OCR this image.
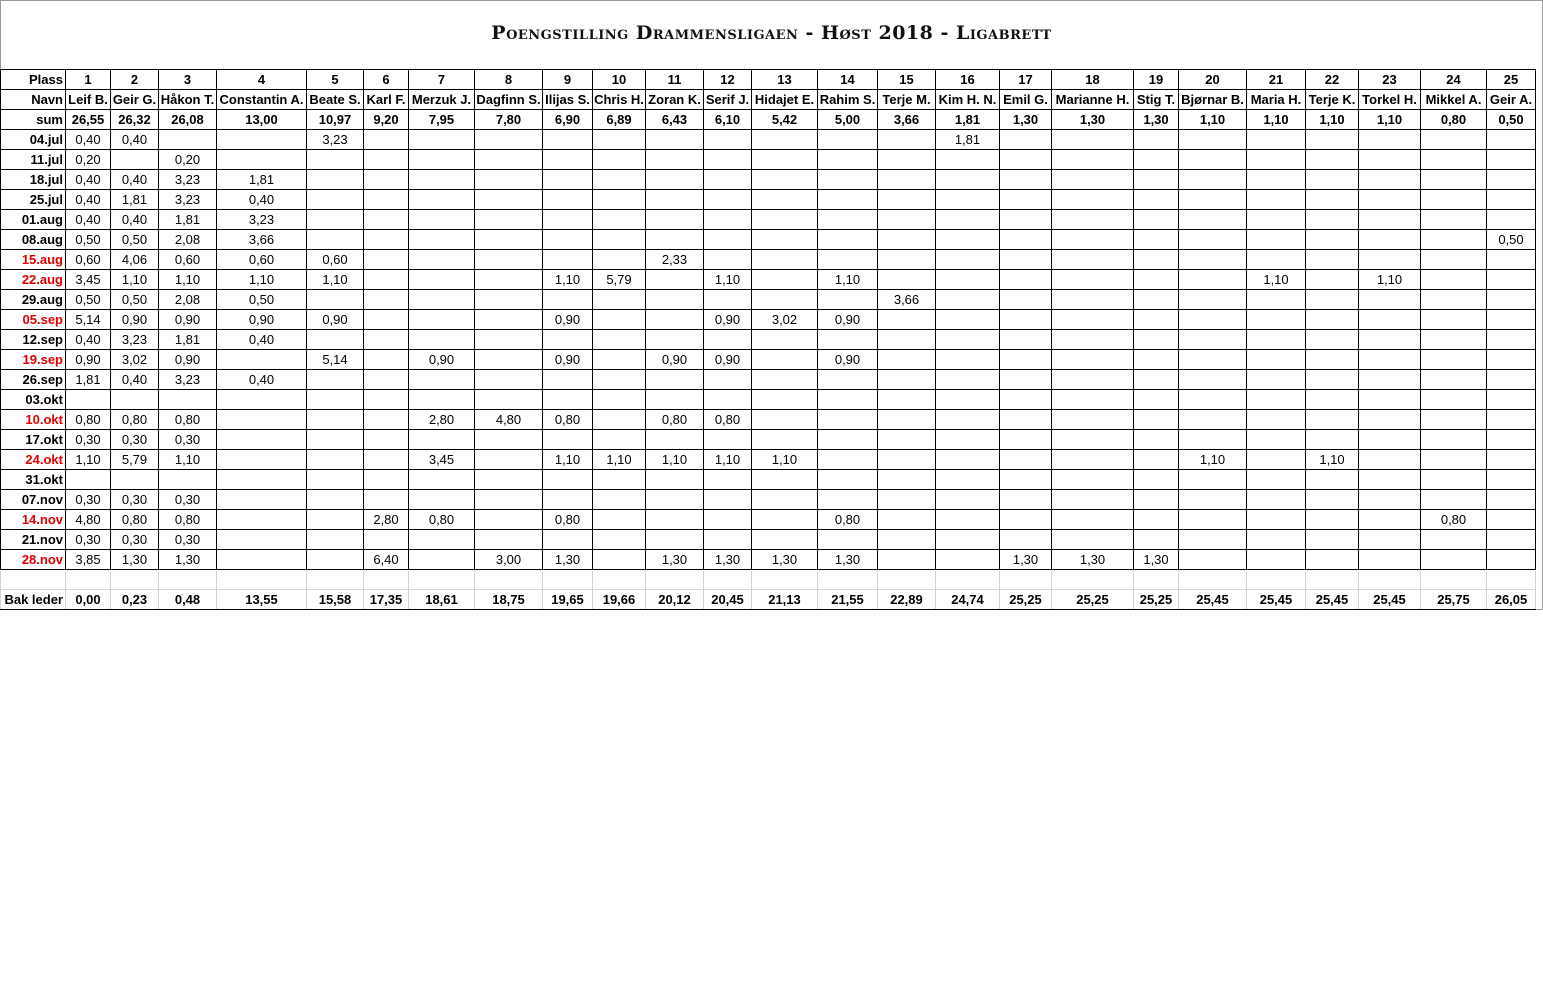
Poengstilling Drammensligaen - Høst 2018 - Ligabrett
Plass	1	2	3	4	5	6	7	8	9	10	11	12	13	14	15	16	17	18	19	20	21	22	23	24	25
Navn	Leif B.	Geir G.	Håkon T.	Constantin A.	Beate S.	Karl F.	Merzuk J.	Dagfinn S.	Ilijas S.	Chris H.	Zoran K.	Serif J.	Hidajet E.	Rahim S.	Terje M.	Kim H. N.	Emil G.	Marianne H.	Stig T.	Bjørnar B.	Maria H.	Terje K.	Torkel H.	Mikkel A.	Geir A.
sum	26,55	26,32	26,08	13,00	10,97	9,20	7,95	7,80	6,90	6,89	6,43	6,10	5,42	5,00	3,66	1,81	1,30	1,30	1,30	1,10	1,10	1,10	1,10	0,80	0,50
04.jul	0,40	0,40			3,23											1,81									
11.jul	0,20		0,20																						
18.jul	0,40	0,40	3,23	1,81																					
25.jul	0,40	1,81	3,23	0,40																					
01.aug	0,40	0,40	1,81	3,23																					
08.aug	0,50	0,50	2,08	3,66																					0,50
15.aug	0,60	4,06	0,60	0,60	0,60						2,33														
22.aug	3,45	1,10	1,10	1,10	1,10				1,10	5,79		1,10		1,10							1,10		1,10		
29.aug	0,50	0,50	2,08	0,50											3,66										
05.sep	5,14	0,90	0,90	0,90	0,90				0,90			0,90	3,02	0,90											
12.sep	0,40	3,23	1,81	0,40																					
19.sep	0,90	3,02	0,90		5,14		0,90		0,90		0,90	0,90		0,90											
26.sep	1,81	0,40	3,23	0,40																					
03.okt																									
10.okt	0,80	0,80	0,80				2,80	4,80	0,80		0,80	0,80													
17.okt	0,30	0,30	0,30																						
24.okt	1,10	5,79	1,10				3,45		1,10	1,10	1,10	1,10	1,10							1,10		1,10			
31.okt																									
07.nov	0,30	0,30	0,30																						
14.nov	4,80	0,80	0,80			2,80	0,80		0,80					0,80										0,80	
21.nov	0,30	0,30	0,30																						
28.nov	3,85	1,30	1,30			6,40		3,00	1,30		1,30	1,30	1,30	1,30			1,30	1,30	1,30						

Bak leder	0,00	0,23	0,48	13,55	15,58	17,35	18,61	18,75	19,65	19,66	20,12	20,45	21,13	21,55	22,89	24,74	25,25	25,25	25,25	25,45	25,45	25,45	25,45	25,75	26,05
